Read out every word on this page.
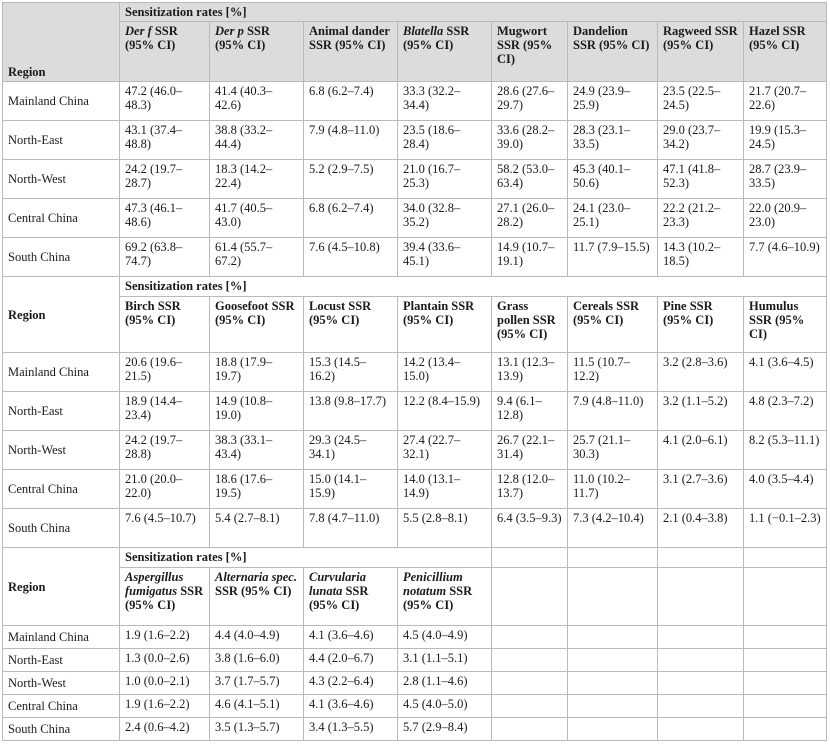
Region	Sensitization rates [%]							
	Der f SSR (95% CI)	Der p SSR (95% CI)	Animal dander SSR (95% CI)	Blatella SSR (95% CI)	Mugwort SSR (95% CI)	Dandelion SSR (95% CI)	Ragweed SSR (95% CI)	Hazel SSR (95% CI)
Mainland China	47.2 (46.0–48.3)	41.4 (40.3–42.6)	6.8 (6.2–7.4)	33.3 (32.2–34.4)	28.6 (27.6–29.7)	24.9 (23.9–25.9)	23.5 (22.5–24.5)	21.7 (20.7–22.6)
North-East	43.1 (37.4–48.8)	38.8 (33.2–44.4)	7.9 (4.8–11.0)	23.5 (18.6–28.4)	33.6 (28.2–39.0)	28.3 (23.1–33.5)	29.0 (23.7–34.2)	19.9 (15.3–24.5)
North-West	24.2 (19.7–28.7)	18.3 (14.2–22.4)	5.2 (2.9–7.5)	21.0 (16.7–25.3)	58.2 (53.0–63.4)	45.3 (40.1–50.6)	47.1 (41.8–52.3)	28.7 (23.9–33.5)
Central China	47.3 (46.1–48.6)	41.7 (40.5–43.0)	6.8 (6.2–7.4)	34.0 (32.8–35.2)	27.1 (26.0–28.2)	24.1 (23.0–25.1)	22.2 (21.2–23.3)	22.0 (20.9–23.0)
South China	69.2 (63.8–74.7)	61.4 (55.7–67.2)	7.6 (4.5–10.8)	39.4 (33.6–45.1)	14.9 (10.7–19.1)	11.7 (7.9–15.5)	14.3 (10.2–18.5)	7.7 (4.6–10.9)
Region	Sensitization rates [%]							
	Birch SSR (95% CI)	Goosefoot SSR (95% CI)	Locust SSR (95% CI)	Plantain SSR (95% CI)	Grass pollen SSR (95% CI)	Cereals SSR (95% CI)	Pine SSR (95% CI)	Humulus SSR (95% CI)
Mainland China	20.6 (19.6–21.5)	18.8 (17.9–19.7)	15.3 (14.5–16.2)	14.2 (13.4–15.0)	13.1 (12.3–13.9)	11.5 (10.7–12.2)	3.2 (2.8–3.6)	4.1 (3.6–4.5)
North-East	18.9 (14.4–23.4)	14.9 (10.8–19.0)	13.8 (9.8–17.7)	12.2 (8.4–15.9)	9.4 (6.1–12.8)	7.9 (4.8–11.0)	3.2 (1.1–5.2)	4.8 (2.3–7.2)
North-West	24.2 (19.7–28.8)	38.3 (33.1–43.4)	29.3 (24.5–34.1)	27.4 (22.7–32.1)	26.7 (22.1–31.4)	25.7 (21.1–30.3)	4.1 (2.0–6.1)	8.2 (5.3–11.1)
Central China	21.0 (20.0–22.0)	18.6 (17.6–19.5)	15.0 (14.1–15.9)	14.0 (13.1–14.9)	12.8 (12.0–13.7)	11.0 (10.2–11.7)	3.1 (2.7–3.6)	4.0 (3.5–4.4)
South China	7.6 (4.5–10.7)	5.4 (2.7–8.1)	7.8 (4.7–11.0)	5.5 (2.8–8.1)	6.4 (3.5–9.3)	7.3 (4.2–10.4)	2.1 (0.4–3.8)	1.1 (−0.1–2.3)
Region	Sensitization rates [%]							
	Aspergillus fumigatus SSR (95% CI)	Alternaria spec. SSR (95% CI)	Curvularia lunata SSR (95% CI)	Penicillium notatum SSR (95% CI)				
Mainland China	1.9 (1.6–2.2)	4.4 (4.0–4.9)	4.1 (3.6–4.6)	4.5 (4.0–4.9)				
North-East	1.3 (0.0–2.6)	3.8 (1.6–6.0)	4.4 (2.0–6.7)	3.1 (1.1–5.1)				
North-West	1.0 (0.0–2.1)	3.7 (1.7–5.7)	4.3 (2.2–6.4)	2.8 (1.1–4.6)				
Central China	1.9 (1.6–2.2)	4.6 (4.1–5.1)	4.1 (3.6–4.6)	4.5 (4.0–5.0)				
South China	2.4 (0.6–4.2)	3.5 (1.3–5.7)	3.4 (1.3–5.5)	5.7 (2.9–8.4)				
